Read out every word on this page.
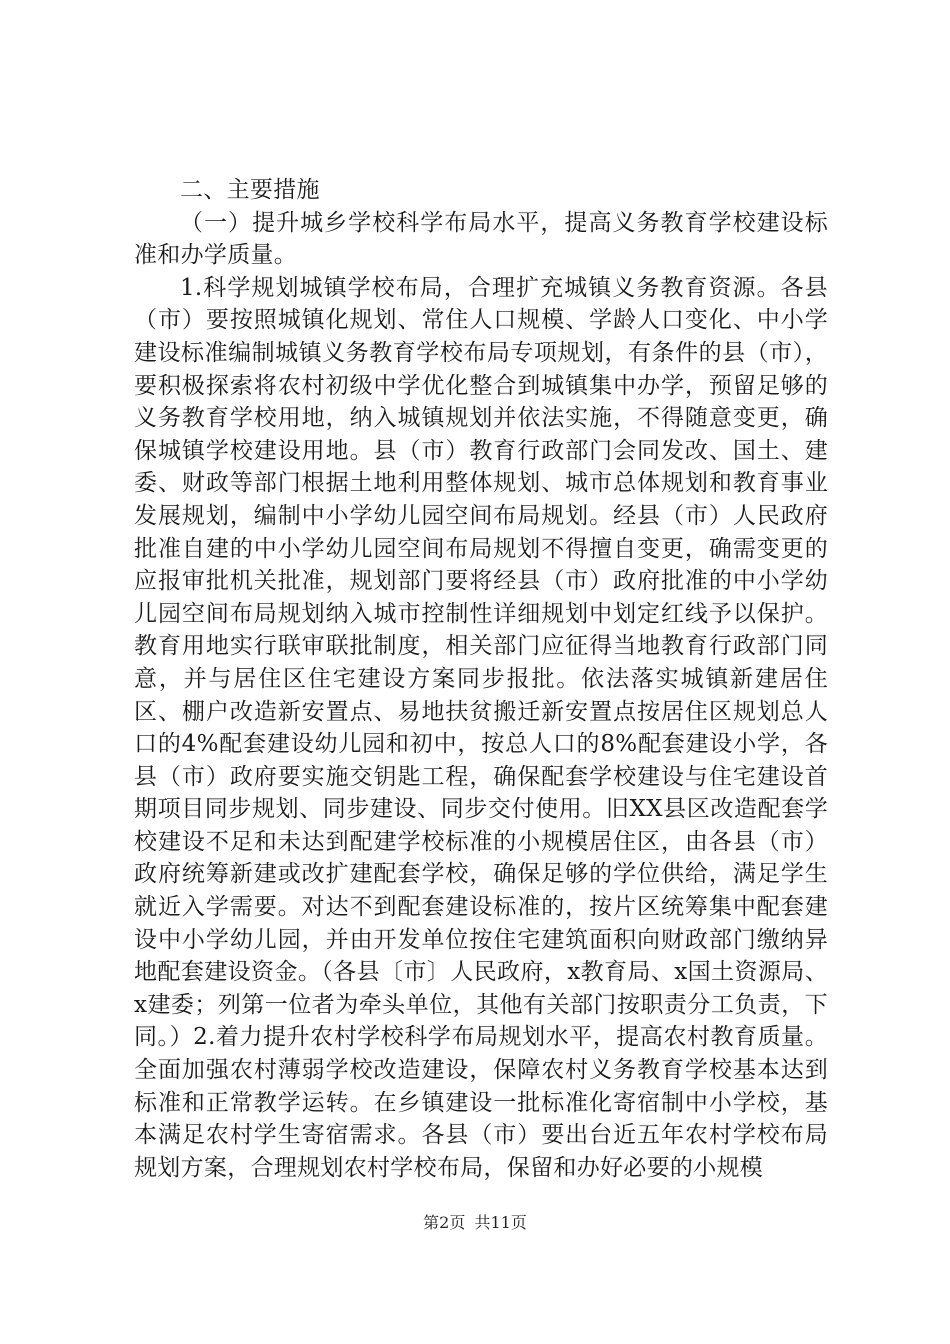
二、主要措施

（一）提升城乡学校科学布局水平，提高义务教育学校建设标准和办学质量。

1.科学规划城镇学校布局，合理扩充城镇义务教育资源。各县（市）要按照城镇化规划、常住人口规模、学龄人口变化、中小学建设标准编制城镇义务教育学校布局专项规划，有条件的县（市），要积极探索将农村初级中学优化整合到城镇集中办学，预留足够的义务教育学校用地，纳入城镇规划并依法实施，不得随意变更，确保城镇学校建设用地。县（市）教育行政部门会同发改、国土、建委、财政等部门根据土地利用整体规划、城市总体规划和教育事业发展规划，编制中小学幼儿园空间布局规划。经县（市）人民政府批准自建的中小学幼儿园空间布局规划不得擅自变更，确需变更的应报审批机关批准，规划部门要将经县（市）政府批准的中小学幼儿园空间布局规划纳入城市控制性详细规划中划定红线予以保护。教育用地实行联审联批制度，相关部门应征得当地教育行政部门同意，并与居住区住宅建设方案同步报批。依法落实城镇新建居住区、棚户改造新安置点、易地扶贫搬迁新安置点按居住区规划总人口的4%配套建设幼儿园和初中，按总人口的8%配套建设小学，各县（市）政府要实施交钥匙工程，确保配套学校建设与住宅建设首期项目同步规划、同步建设、同步交付使用。旧XX县区改造配套学校建设不足和未达到配建学校标准的小规模居住区，由各县（市）政府统筹新建或改扩建配套学校，确保足够的学位供给，满足学生就近入学需要。对达不到配套建设标准的，按片区统筹集中配套建设中小学幼儿园，并由开发单位按住宅建筑面积向财政部门缴纳异地配套建设资金。（各县〔市〕人民政府，x教育局、x国土资源局、x建委；列第一位者为牵头单位，其他有关部门按职责分工负责，下同。）2.着力提升农村学校科学布局规划水平，提高农村教育质量。全面加强农村薄弱学校改造建设，保障农村义务教育学校基本达到标准和正常教学运转。在乡镇建设一批标准化寄宿制中小学校，基本满足农村学生寄宿需求。各县（市）要出台近五年农村学校布局规划方案，合理规划农村学校布局，保留和办好必要的小规模

第2页 共11页
